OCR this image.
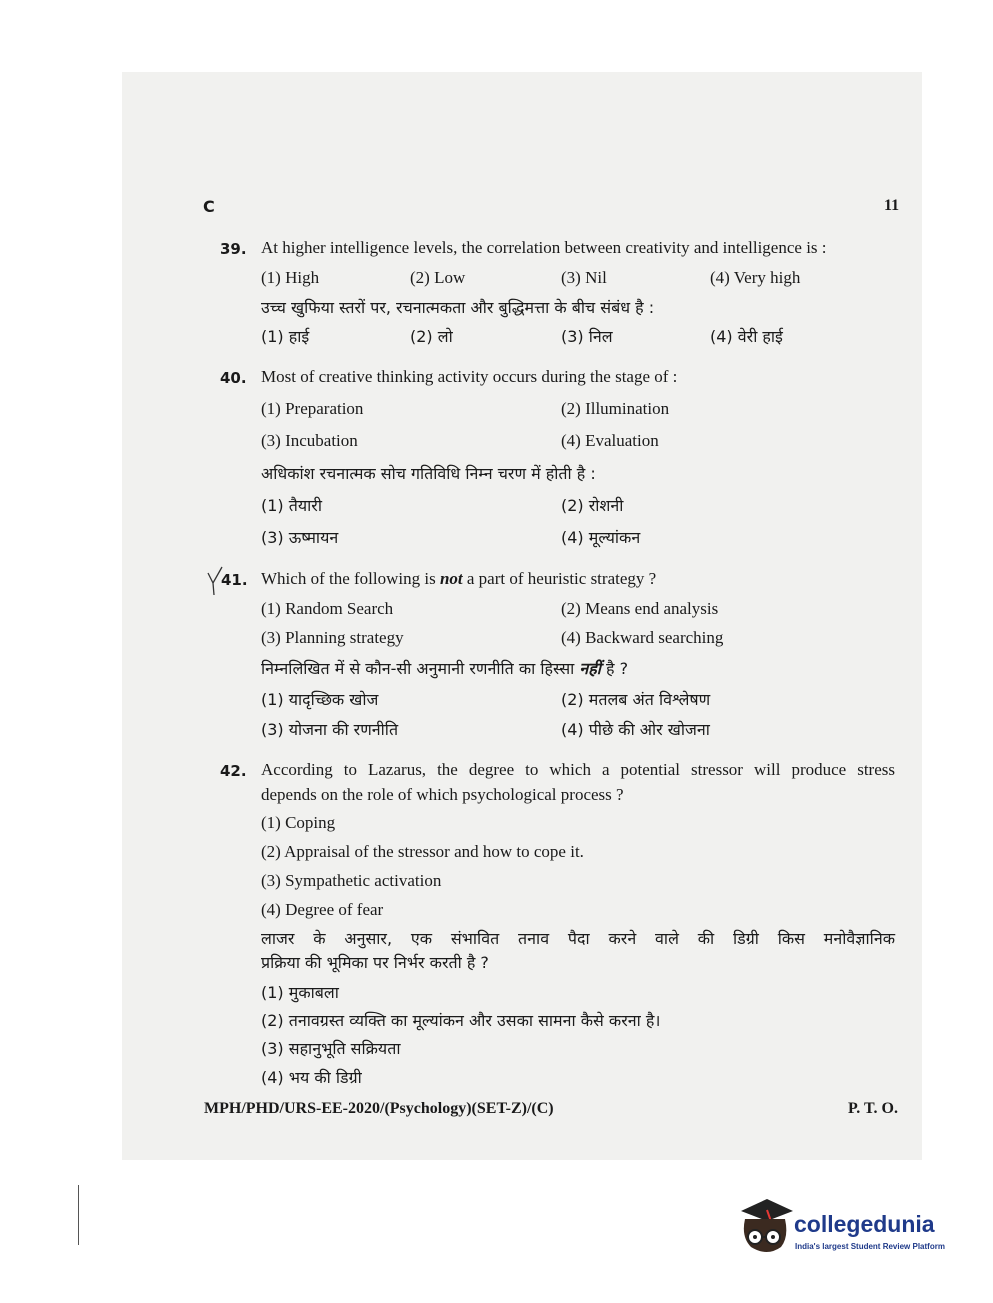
C	11
39. At higher intelligence levels, the correlation between creativity and intelligence is :
(1) High	(2) Low	(3) Nil	(4) Very high
उच्च खुफिया स्तरों पर, रचनात्मकता और बुद्धिमत्ता के बीच संबंध है :
(1) हाई	(2) लो	(3) निल	(4) वेरी हाई
40. Most of creative thinking activity occurs during the stage of :
(1) Preparation	(2) Illumination
(3) Incubation	(4) Evaluation
अधिकांश रचनात्मक सोच गतिविधि निम्न चरण में होती है :
(1) तैयारी	(2) रोशनी
(3) ऊष्मायन	(4) मूल्यांकन
41. Which of the following is not a part of heuristic strategy ?
(1) Random Search	(2) Means end analysis
(3) Planning strategy	(4) Backward searching
निम्नलिखित में से कौन-सी अनुमानी रणनीति का हिस्सा नहीं है ?
(1) यादृच्छिक खोज	(2) मतलब अंत विश्लेषण
(3) योजना की रणनीति	(4) पीछे की ओर खोजना
42. According to Lazarus, the degree to which a potential stressor will produce stress
depends on the role of which psychological process ?
(1) Coping
(2) Appraisal of the stressor and how to cope it.
(3) Sympathetic activation
(4) Degree of fear
लाजर के अनुसार, एक संभावित तनाव पैदा करने वाले की डिग्री किस मनोवैज्ञानिक
प्रक्रिया की भूमिका पर निर्भर करती है ?
(1) मुकाबला
(2) तनावग्रस्त व्यक्ति का मूल्यांकन और उसका सामना कैसे करना है।
(3) सहानुभूति सक्रियता
(4) भय की डिग्री
MPH/PHD/URS-EE-2020/(Psychology)(SET-Z)/(C)	P. T. O.
collegedunia
India's largest Student Review Platform
